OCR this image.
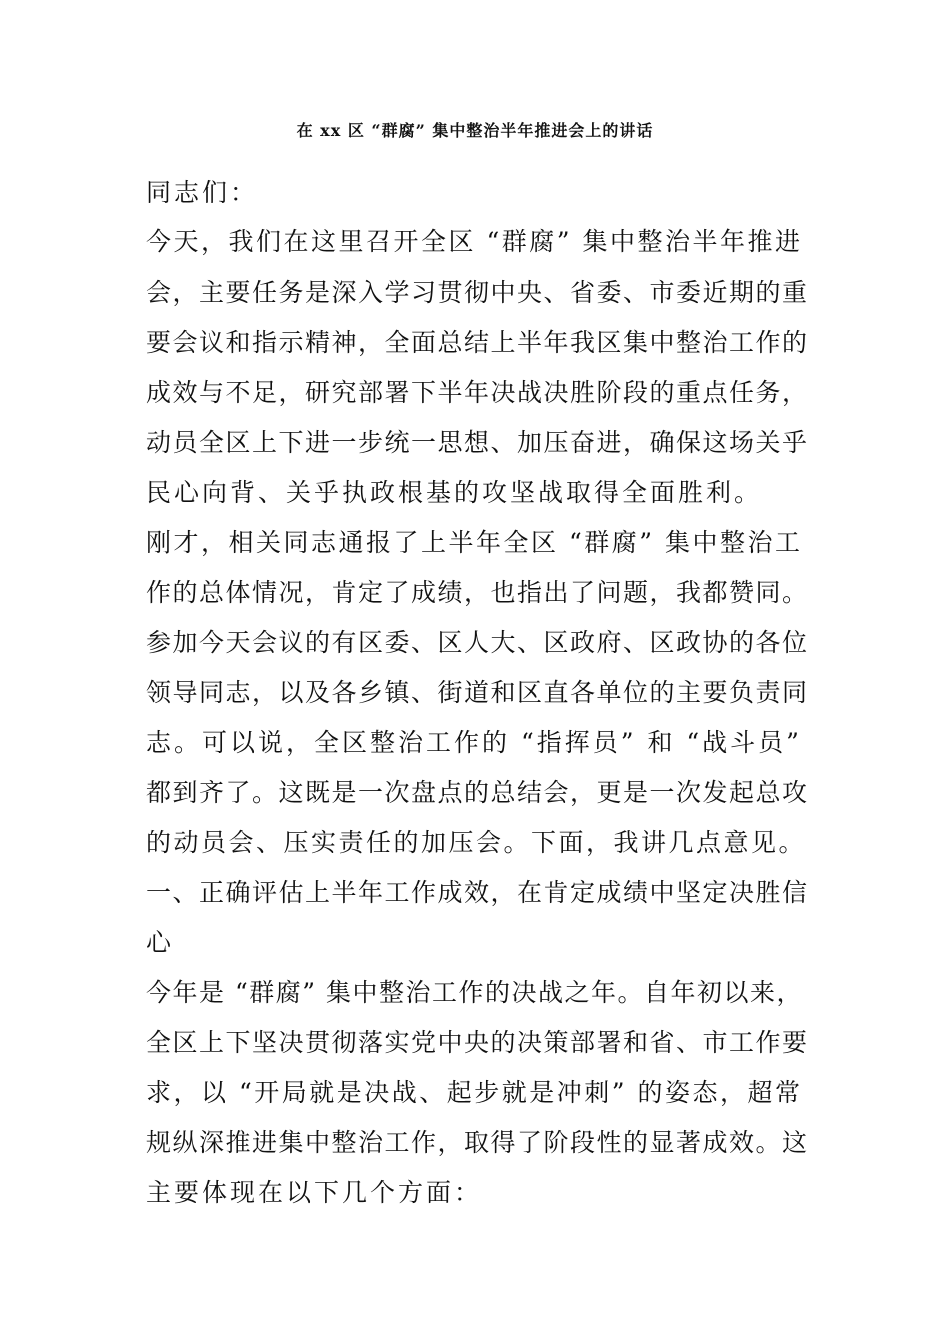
在 xx 区 “群腐” 集中整治半年推进会上的讲话
同志们：
今天，我们在这里召开全区 “群腐” 集中整治半年推进
会，主要任务是深入学习贯彻中央、省委、市委近期的重
要会议和指示精神，全面总结上半年我区集中整治工作的
成效与不足，研究部署下半年决战决胜阶段的重点任务，
动员全区上下进一步统一思想、加压奋进，确保这场关乎
民心向背、关乎执政根基的攻坚战取得全面胜利。
刚才，相关同志通报了上半年全区 “群腐” 集中整治工
作的总体情况，肯定了成绩，也指出了问题，我都赞同。
参加今天会议的有区委、区人大、区政府、区政协的各位
领导同志，以及各乡镇、街道和区直各单位的主要负责同
志。可以说，全区整治工作的 “指挥员” 和 “战斗员”
都到齐了。这既是一次盘点的总结会，更是一次发起总攻
的动员会、压实责任的加压会。下面，我讲几点意见。
一、正确评估上半年工作成效，在肯定成绩中坚定决胜信
心
今年是 “群腐” 集中整治工作的决战之年。自年初以来，
全区上下坚决贯彻落实党中央的决策部署和省、市工作要
求，以 “开局就是决战、起步就是冲刺” 的姿态，超常
规纵深推进集中整治工作，取得了阶段性的显著成效。这
主要体现在以下几个方面：
